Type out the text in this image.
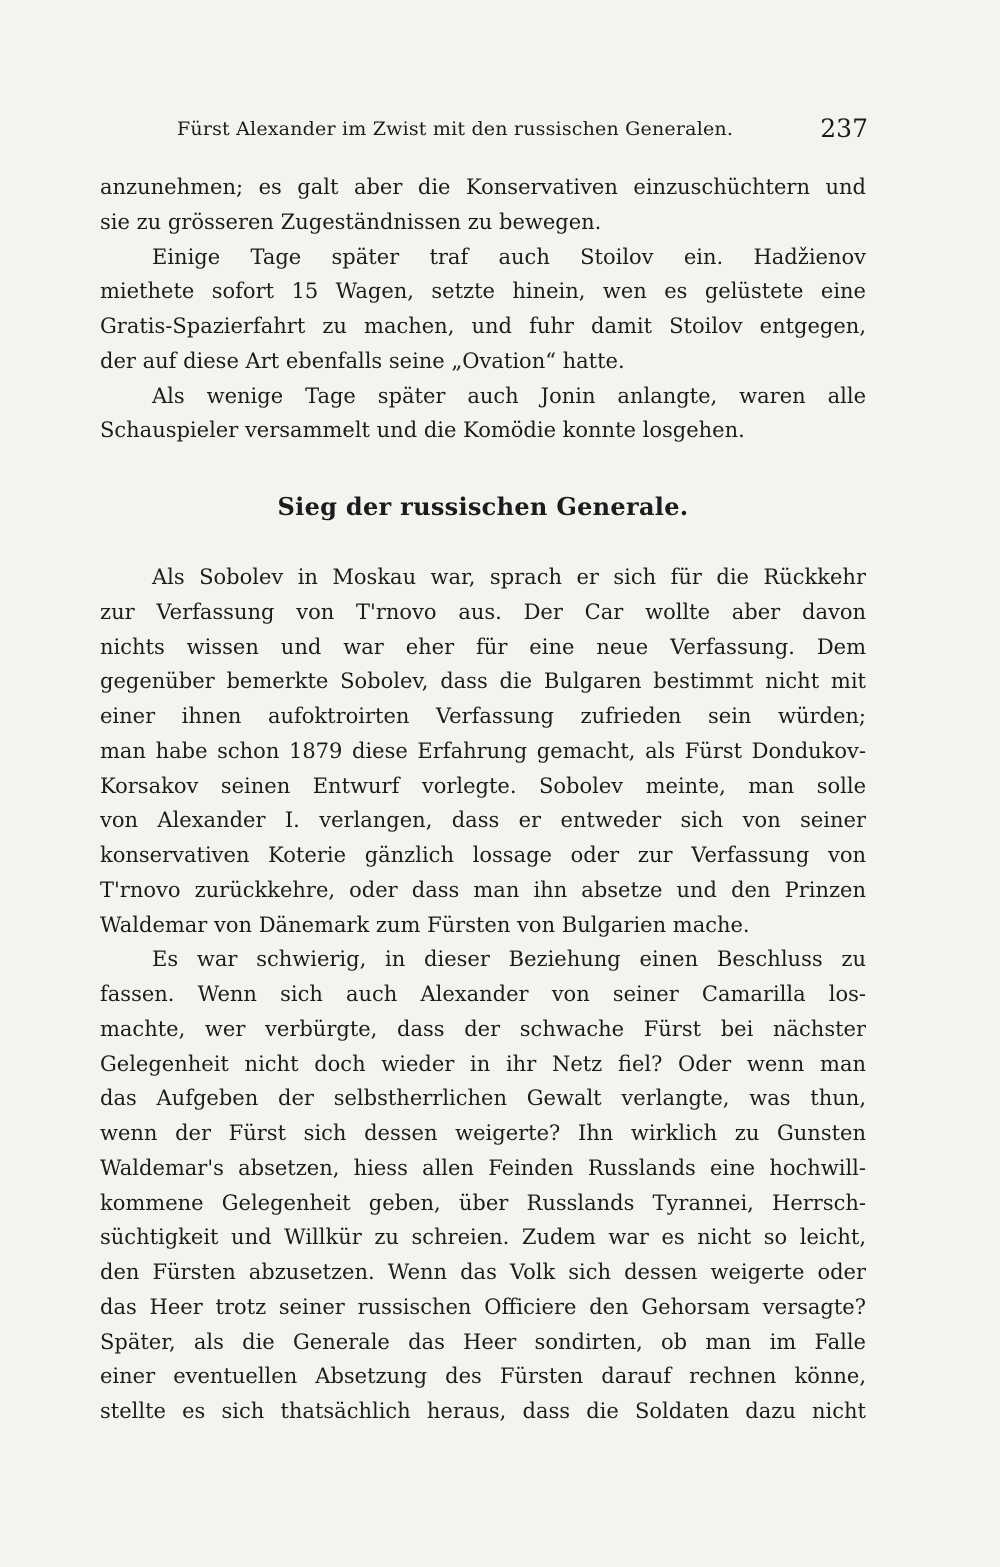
Fürst Alexander im Zwist mit den russischen Generalen.	237
anzunehmen; es galt aber die Konservativen einzuschüchtern und
sie zu grösseren Zugeständnissen zu bewegen.
Einige Tage später traf auch Stoilov ein. Hadžienov
miethete sofort 15 Wagen, setzte hinein, wen es gelüstete eine
Gratis-Spazierfahrt zu machen, und fuhr damit Stoilov entgegen,
der auf diese Art ebenfalls seine „Ovation“ hatte.
Als wenige Tage später auch Jonin anlangte, waren alle
Schauspieler versammelt und die Komödie konnte losgehen.
Sieg der russischen Generale.
Als Sobolev in Moskau war, sprach er sich für die Rückkehr
zur Verfassung von T'rnovo aus. Der Car wollte aber davon
nichts wissen und war eher für eine neue Verfassung. Dem
gegenüber bemerkte Sobolev, dass die Bulgaren bestimmt nicht mit
einer ihnen aufoktroirten Verfassung zufrieden sein würden;
man habe schon 1879 diese Erfahrung gemacht, als Fürst Dondukov-
Korsakov seinen Entwurf vorlegte. Sobolev meinte, man solle
von Alexander I. verlangen, dass er entweder sich von seiner
konservativen Koterie gänzlich lossage oder zur Verfassung von
T'rnovo zurückkehre, oder dass man ihn absetze und den Prinzen
Waldemar von Dänemark zum Fürsten von Bulgarien mache.
Es war schwierig, in dieser Beziehung einen Beschluss zu
fassen. Wenn sich auch Alexander von seiner Camarilla los-
machte, wer verbürgte, dass der schwache Fürst bei nächster
Gelegenheit nicht doch wieder in ihr Netz fiel? Oder wenn man
das Aufgeben der selbstherrlichen Gewalt verlangte, was thun,
wenn der Fürst sich dessen weigerte? Ihn wirklich zu Gunsten
Waldemar's absetzen, hiess allen Feinden Russlands eine hochwill-
kommene Gelegenheit geben, über Russlands Tyrannei, Herrsch-
süchtigkeit und Willkür zu schreien. Zudem war es nicht so leicht,
den Fürsten abzusetzen. Wenn das Volk sich dessen weigerte oder
das Heer trotz seiner russischen Officiere den Gehorsam versagte?
Später, als die Generale das Heer sondirten, ob man im Falle
einer eventuellen Absetzung des Fürsten darauf rechnen könne,
stellte es sich thatsächlich heraus, dass die Soldaten dazu nicht
